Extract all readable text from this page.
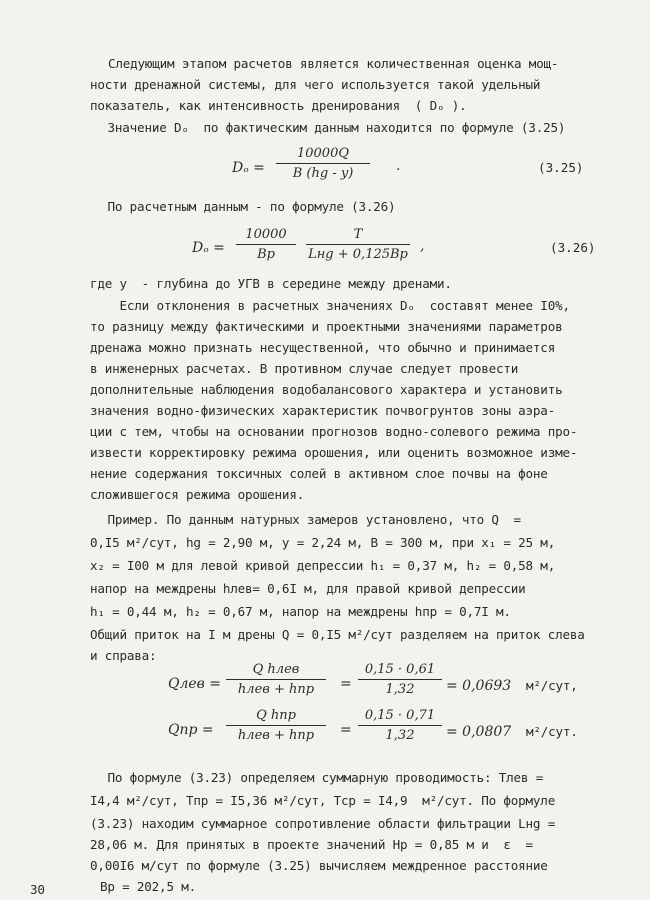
Следующим этапом расчетов является количественная оценка мощ-
ности дренажной системы, для чего используется такой удельный
показатель, как интенсивность дренирования  ( Dₒ ).
Значение Dₒ  по фактическим данным находится по формуле (3.25)
$D_o = \frac{10000Q}{B (hg - y)}$ .	(3.25)
По расчетным данным - по формуле (3.26)
Dₒ =
10000
Bр
T
Lнg + 0,125Bр
,	(3.26)
где y  - глубина до УГВ в середине между дренами.
Если отклонения в расчетных значениях Dₒ  составят менее I0%,
то разницу между фактическими и проектными значениями параметров
дренажа можно признать несущественной, что обычно и принимается
в инженерных расчетах. В противном случае следует провести
дополнительные наблюдения водобалансового характера и установить
значения водно-физических характеристик почвогрунтов зоны аэра-
ции с тем, чтобы на основании прогнозов водно-солевого режима про-
извести корректировку режима орошения, или оценить возможное изме-
нение содержания токсичных солей в активном слое почвы на фоне
сложившегося режима орошения.
Пример. По данным натурных замеров установлено, что Q  =
0,I5 м²/сут, hg = 2,90 м, y = 2,24 м, B = 300 м, при x₁ = 25 м,
x₂ = I00 м для левой кривой депрессии h₁ = 0,37 м, h₂ = 0,58 м,
напор на междрены hлев= 0,6I м, для правой кривой депрессии
h₁ = 0,44 м, h₂ = 0,67 м, напор на междрены hпр = 0,7I м.
Общий приток на I м дрены Q = 0,I5 м²/сут разделяем на приток слева
и справа:
Qлев =
Q hлев
hлев + hпр	= $\frac{0,15 \cdot 0,61}{1,32} = 0,0693$ м²/сут,
Qпр =
Q hпр
hлев + hпр	= $\frac{0,15 \cdot 0,71}{1,32} = 0,0807$ м²/сут.
По формуле (3.23) определяем суммарную проводимость: Tлев =
I4,4 м²/сут, Tпр = I5,36 м²/сут, Tср = I4,9  м²/сут. По формуле
(3.23) находим суммарное сопротивление области фильтрации Lнg =
28,06 м. Для принятых в проекте значений Hр = 0,85 м и  ε  =
0,00I6 м/сут по формуле (3.25) вычисляем междренное расстояние
Bр = 202,5 м.
30
